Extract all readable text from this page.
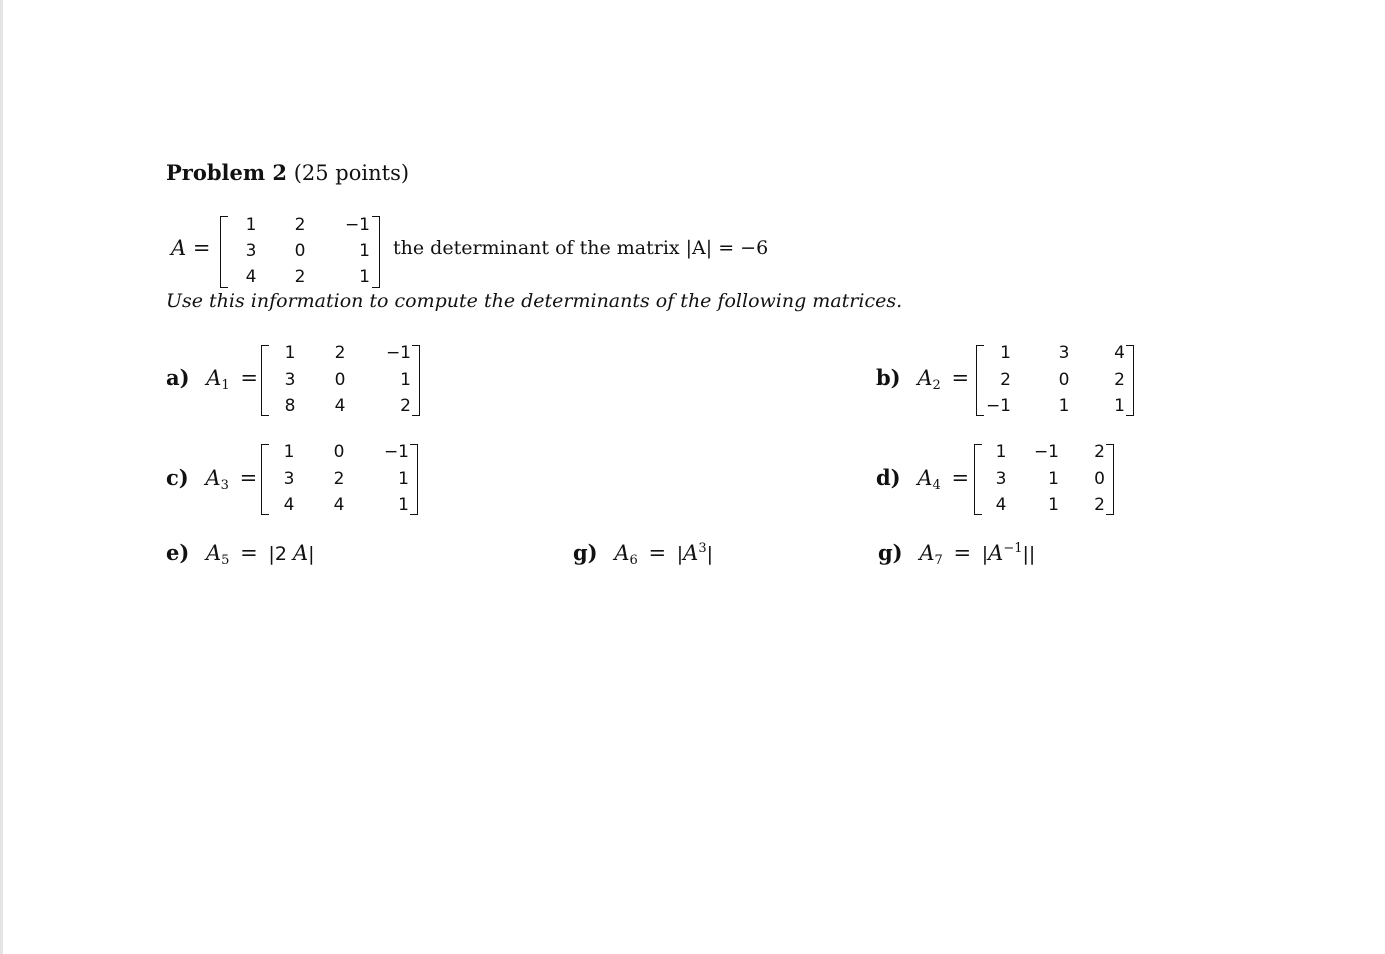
Problem 2 (25 points)
A =
1 2 −1
3 0	1
4 2	1
the determinant of the matrix |A| = −6
Use this information to compute the determinants of the following matrices.
a) $A_1$ =
1 2 −1
3 0	1
8 4	2
b) $A_2$ =
1	3	4
2	0	2
−1	1	1
c) $A_3$ =
1 0 −1
3 2	1
4 4	1
d) $A_4$ =
1 −1 2
3 1 0
4 1 2
e) $A_5 = |2$ A|	g) $A_6 = |A^3|$	g) $A_7 = |A^{-1}||$
